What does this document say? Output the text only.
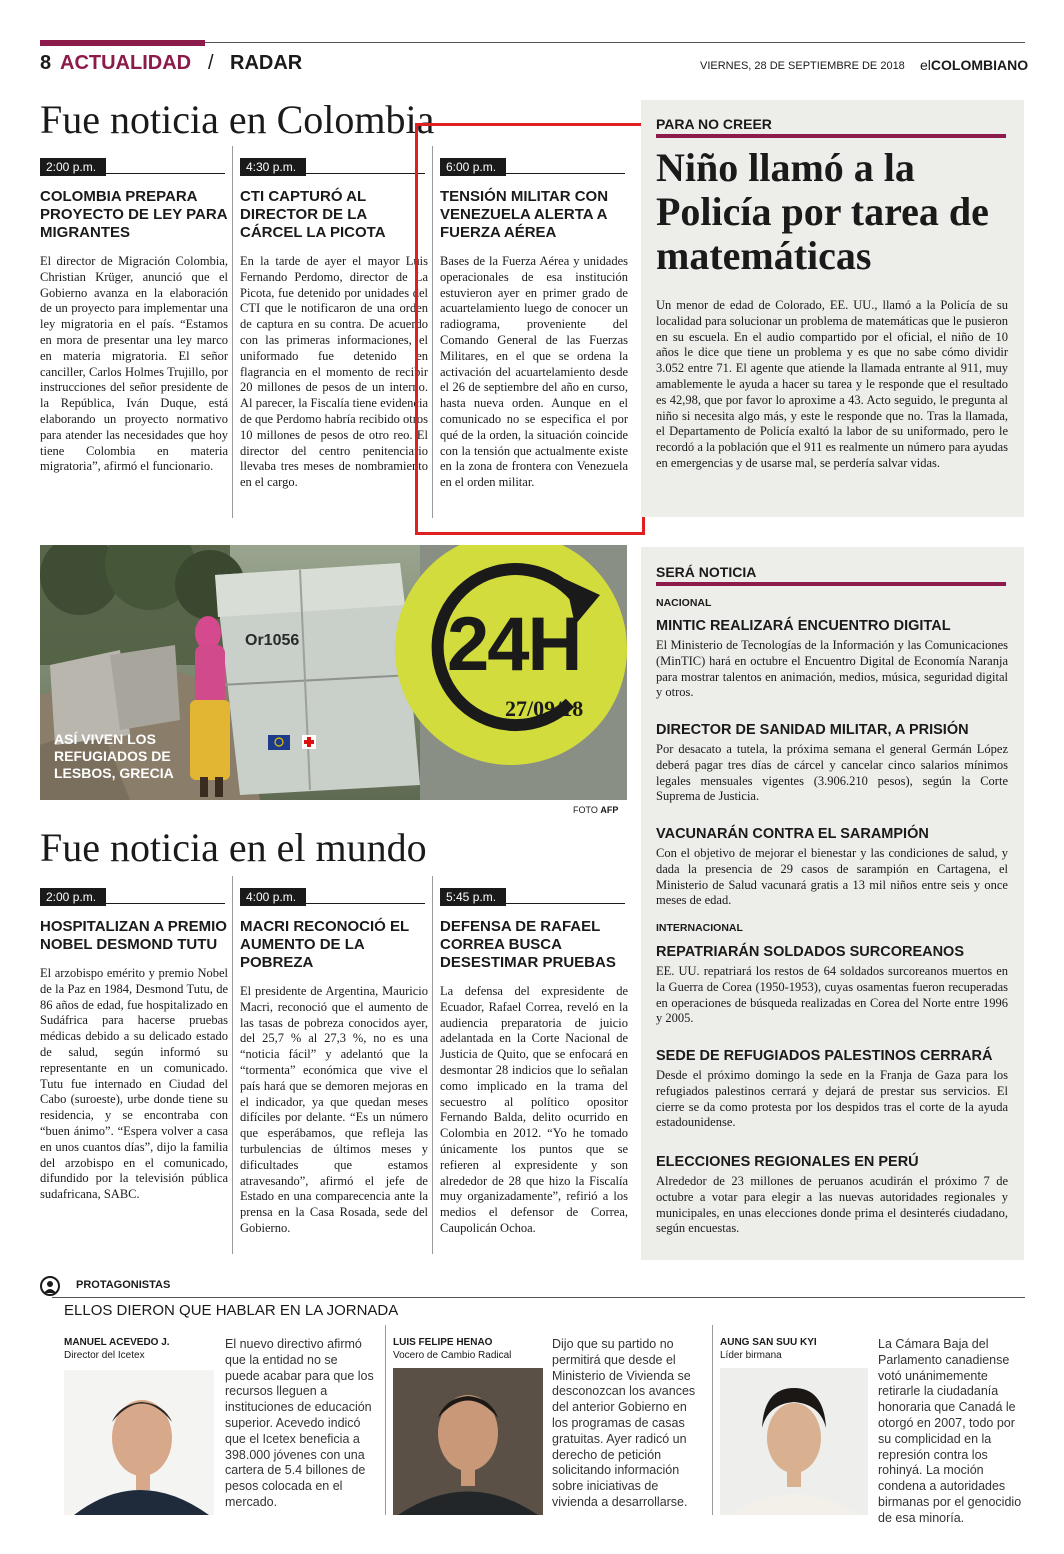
8 ACTUALIDAD / RADAR	VIERNES, 28 DE SEPTIEMBRE DE 2018 elCOLOMBIANO
Fue noticia en Colombia
2:00 p.m.
COLOMBIA PREPARA PROYECTO DE LEY PARA MIGRANTES

El director de Migración Colombia, Christian Krüger, anunció que el Gobierno avanza en la elaboración de un proyecto para implementar una ley migratoria en el país. “Estamos en mora de presentar una ley marco en materia migratoria. El señor canciller, Carlos Holmes Trujillo, por instrucciones del señor presidente de la República, Iván Duque, está elaborando un proyecto normativo para atender las necesidades que hoy tiene Colombia en materia migratoria”, afirmó el funcionario.

4:30 p.m.
CTI CAPTURÓ AL DIRECTOR DE LA CÁRCEL LA PICOTA

En la tarde de ayer el mayor Luis Fernando Perdomo, director de La Picota, fue detenido por unidades del CTI que le notificaron de una orden de captura en su contra. De acuerdo con las primeras informaciones, el uniformado fue detenido en flagrancia en el momento de recibir 20 millones de pesos de un interno. Al parecer, la Fiscalía tiene evidencia de que Perdomo habría recibido otros 10 millones de pesos de otro reo. El director del centro penitenciario llevaba tres meses de nombramiento en el cargo.

6:00 p.m.
TENSIÓN MILITAR CON VENEZUELA ALERTA A FUERZA AÉREA

Bases de la Fuerza Aérea y unidades operacionales de esa institución estuvieron ayer en primer grado de acuartelamiento luego de conocer un radiograma, proveniente del Comando General de las Fuerzas Militares, en el que se ordena la activación del acuartelamiento desde el 26 de septiembre del año en curso, hasta nueva orden. Aunque en el comunicado no se especifica el por qué de la orden, la situación coincide con la tensión que actualmente existe en la zona de frontera con Venezuela en el orden militar.

PARA NO CREER
Niño llamó a la Policía por tarea de matemáticas

Un menor de edad de Colorado, EE. UU., llamó a la Policía de su localidad para solucionar un problema de matemáticas que le pusieron en su escuela. En el audio compartido por el oficial, el niño de 10 años le dice que tiene un problema y es que no sabe cómo dividir 3.052 entre 71. El agente que atiende la llamada entrante al 911, muy amablemente le ayuda a hacer su tarea y le responde que el resultado es 42,98, que por favor lo aproxime a 43. Acto seguido, le pregunta al niño si necesita algo más, y este le responde que no. Tras la llamada, el Departamento de Policía exaltó la labor de su uniformado, pero le recordó a la población que el 911 es realmente un número para ayudas en emergencias y de usarse mal, se perdería salvar vidas.

Or1056 24H
27/09/18
ASÍ VIVEN LOS REFUGIADOS DE LESBOS, GRECIA
FOTO AFP
SERÁ NOTICIA
NACIONAL
MINTIC REALIZARÁ ENCUENTRO DIGITAL

El Ministerio de Tecnologías de la Información y las Comunicaciones (MinTIC) hará en octubre el Encuentro Digital de Economía Naranja para mostrar talentos en animación, medios, música, seguridad digital y otros.

DIRECTOR DE SANIDAD MILITAR, A PRISIÓN

Por desacato a tutela, la próxima semana el general Germán López deberá pagar tres días de cárcel y cancelar cinco salarios mínimos legales mensuales vigentes (3.906.210 pesos), según la Corte Suprema de Justicia.

VACUNARÁN CONTRA EL SARAMPIÓN

Con el objetivo de mejorar el bienestar y las condiciones de salud, y dada la presencia de 29 casos de sarampión en Cartagena, el Ministerio de Salud vacunará gratis a 13 mil niños entre seis y once meses de edad.

INTERNACIONAL
REPATRIARÁN SOLDADOS SURCOREANOS

EE. UU. repatriará los restos de 64 soldados surcoreanos muertos en la Guerra de Corea (1950-1953), cuyas osamentas fueron recuperadas en operaciones de búsqueda realizadas en Corea del Norte entre 1996 y 2005.

SEDE DE REFUGIADOS PALESTINOS CERRARÁ

Desde el próximo domingo la sede en la Franja de Gaza para los refugiados palestinos cerrará y dejará de prestar sus servicios. El cierre se da como protesta por los despidos tras el corte de la ayuda estadounidense.

ELECCIONES REGIONALES EN PERÚ

Alrededor de 23 millones de peruanos acudirán el próximo 7 de octubre a votar para elegir a las nuevas autoridades regionales y municipales, en unas elecciones donde prima el desinterés ciudadano, según encuestas.

Fue noticia en el mundo
2:00 p.m.
HOSPITALIZAN A PREMIO NOBEL DESMOND TUTU

El arzobispo emérito y premio Nobel de la Paz en 1984, Desmond Tutu, de 86 años de edad, fue hospitalizado en Sudáfrica para hacerse pruebas médicas debido a su delicado estado de salud, según informó su representante en un comunicado. Tutu fue internado en Ciudad del Cabo (suroeste), urbe donde tiene su residencia, y se encontraba con “buen ánimo”. “Espera volver a casa en unos cuantos días”, dijo la familia del arzobispo en el comunicado, difundido por la televisión pública sudafricana, SABC.

4:00 p.m.
MACRI RECONOCIÓ EL AUMENTO DE LA POBREZA

El presidente de Argentina, Mauricio Macri, reconoció que el aumento de las tasas de pobreza conocidos ayer, del 25,7 % al 27,3 %, no es una “noticia fácil” y adelantó que la “tormenta” económica que vive el país hará que se demoren mejoras en el indicador, ya que quedan meses difíciles por delante. “Es un número que esperábamos, que refleja las turbulencias de últimos meses y dificultades que estamos atravesando”, afirmó el jefe de Estado en una comparecencia ante la prensa en la Casa Rosada, sede del Gobierno.

5:45 p.m.
DEFENSA DE RAFAEL CORREA BUSCA DESESTIMAR PRUEBAS

La defensa del expresidente de Ecuador, Rafael Correa, reveló en la audiencia preparatoria de juicio adelantada en la Corte Nacional de Justicia de Quito, que se enfocará en desmontar 28 indicios que lo señalan como implicado en la trama del secuestro al político opositor Fernando Balda, delito ocurrido en Colombia en 2012. “Yo he tomado únicamente los puntos que se refieren al expresidente y son alrededor de 28 que hizo la Fiscalía muy organizadamente”, refirió a los medios el defensor de Correa, Caupolicán Ochoa.

PROTAGONISTAS
ELLOS DIERON QUE HABLAR EN LA JORNADA
MANUEL ACEVEDO J.
Director del Icetex
El nuevo directivo afirmó que la entidad no se puede acabar para que los recursos lleguen a instituciones de educación superior. Acevedo indicó que el Icetex beneficia a 398.000 jóvenes con una cartera de 5.4 billones de pesos colocada en el mercado.
LUIS FELIPE HENAO
Vocero de Cambio Radical
Dijo que su partido no permitirá que desde el Ministerio de Vivienda se desconozcan los avances del anterior Gobierno en los programas de casas gratuitas. Ayer radicó un derecho de petición solicitando información sobre iniciativas de vivienda a desarrollarse.
AUNG SAN SUU KYI
Líder birmana
La Cámara Baja del Parlamento canadiense votó unánimemente retirarle la ciudadanía honoraria que Canadá le otorgó en 2007, todo por su complicidad en la represión contra los rohinyá. La moción condena a autoridades birmanas por el genocidio de esa minoría.
